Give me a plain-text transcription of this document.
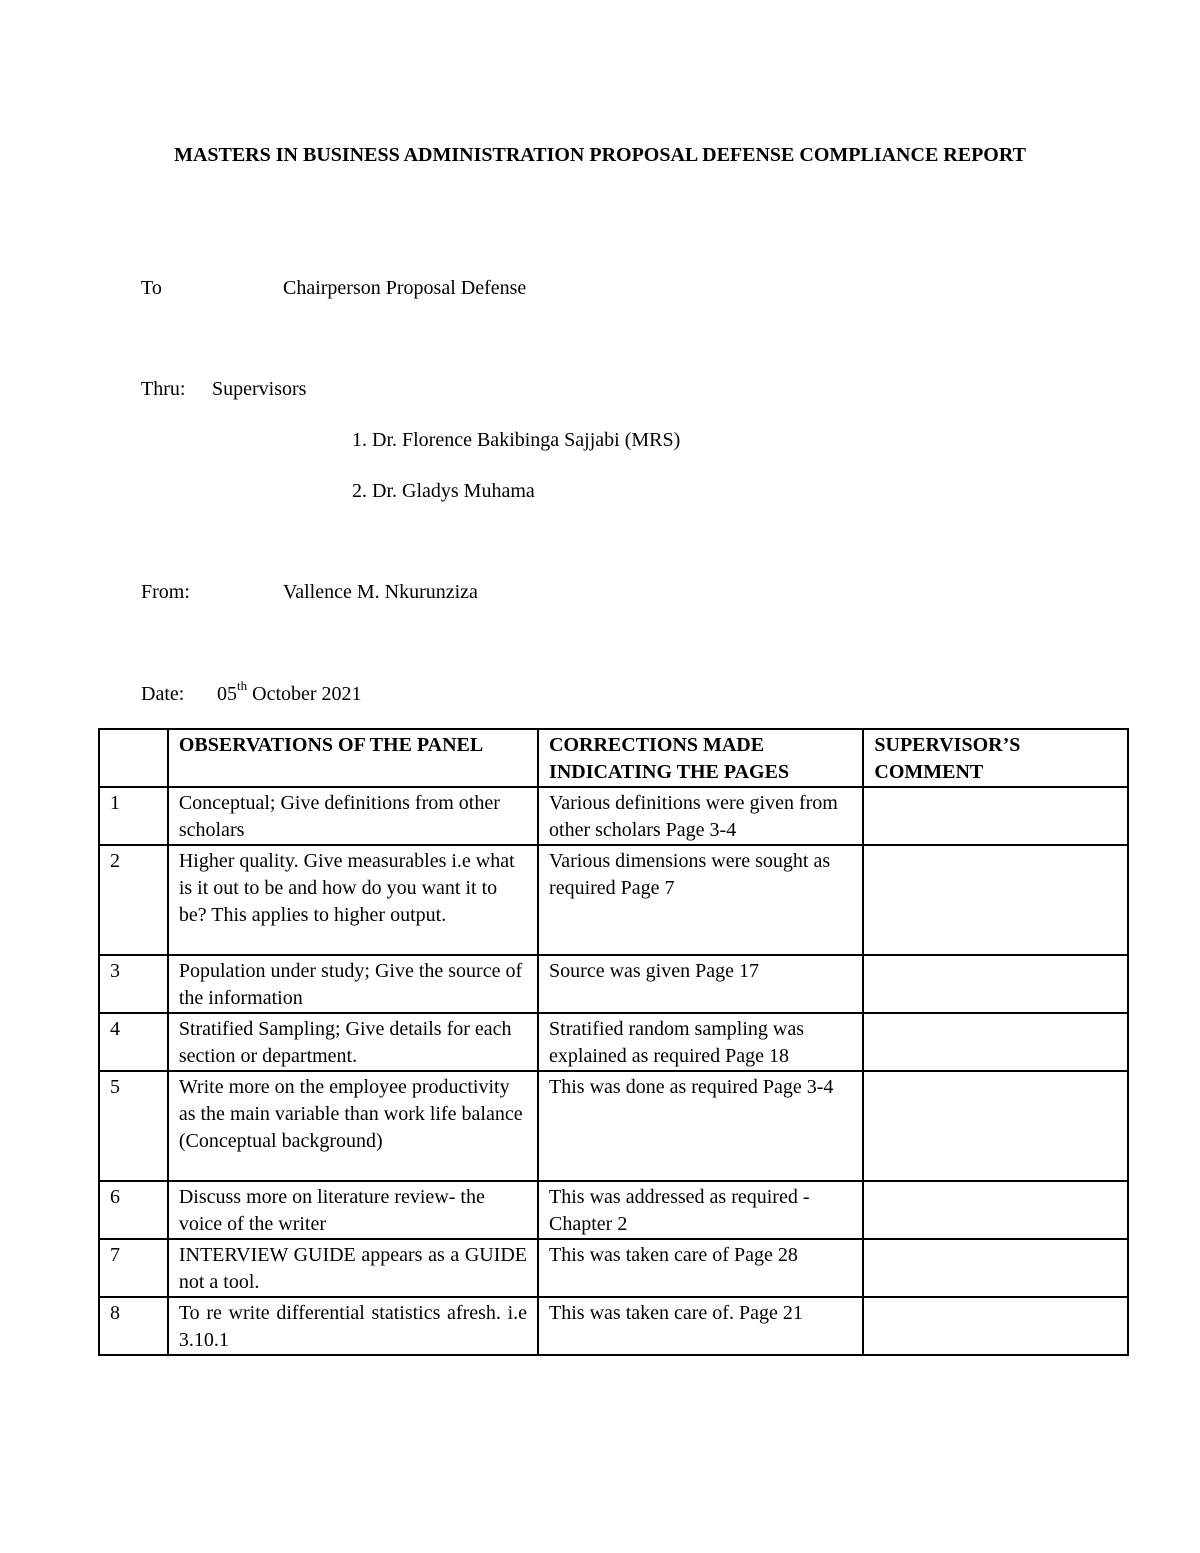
MASTERS IN BUSINESS ADMINISTRATION PROPOSAL DEFENSE COMPLIANCE REPORT
To	Chairperson Proposal Defense
Thru: Supervisors
1. Dr. Florence Bakibinga Sajjabi (MRS)
2. Dr. Gladys Muhama
From:	Vallence M. Nkurunziza
Date: 05th October 2021
	OBSERVATIONS OF THE PANEL	CORRECTIONS MADE INDICATING THE PAGES	SUPERVISOR’S COMMENT
1	Conceptual; Give definitions from other scholars	Various definitions were given from other scholars Page 3-4	
2	Higher quality. Give measurables i.e what is it out to be and how do you want it to be? This applies to higher output.	Various dimensions were sought as required Page 7	
3	Population under study; Give the source of the information	Source was given Page 17	
4	Stratified Sampling; Give details for each section or department.	Stratified random sampling was explained as required Page 18	
5	Write more on the employee productivity as the main variable than work life balance (Conceptual background)	This was done as required Page 3-4	
6	Discuss more on literature review- the voice of the writer	This was addressed as required -Chapter 2	
7	INTERVIEW GUIDE appears as a GUIDE not a tool.	This was taken care of Page 28	
8	To re write differential statistics afresh. i.e 3.10.1	This was taken care of. Page 21	
